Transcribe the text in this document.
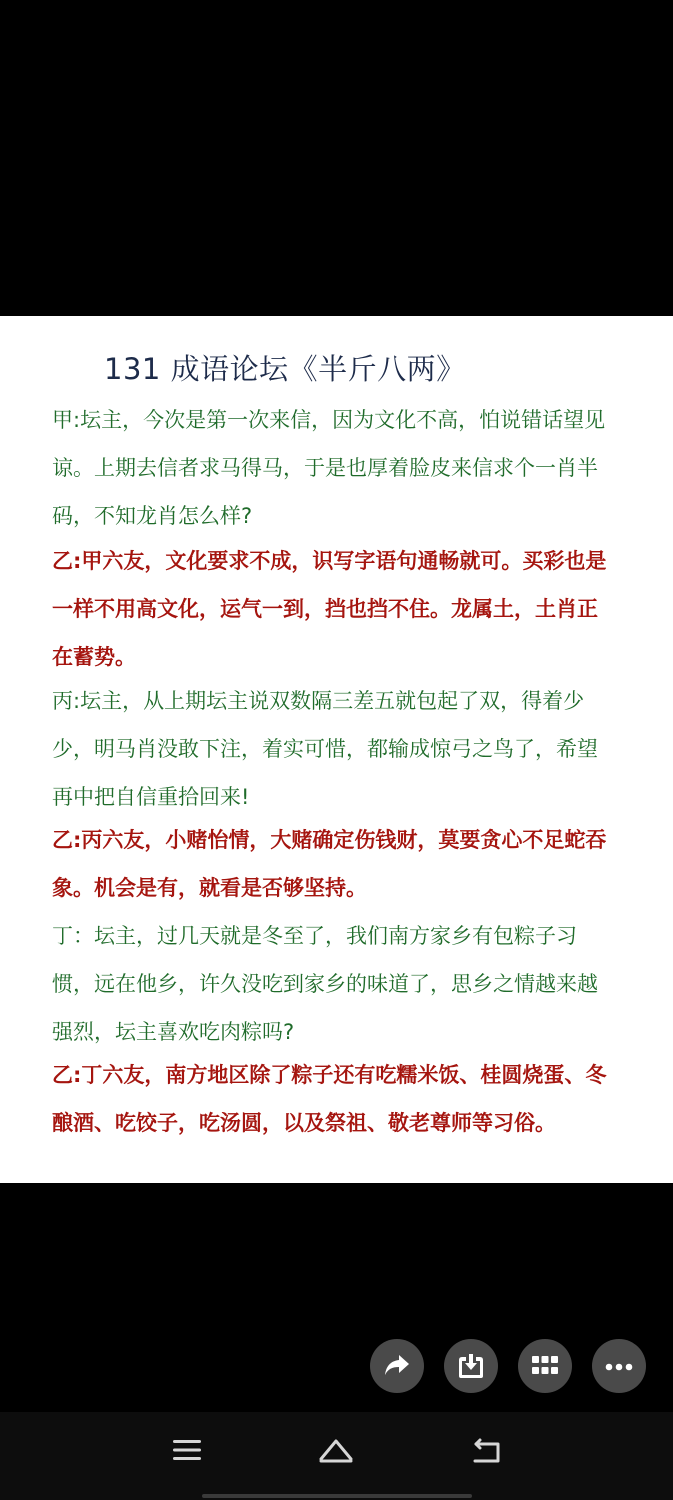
131 成语论坛《半斤八两》

甲:坛主，今次是第一次来信，因为文化不高，怕说错话望见
谅。上期去信者求马得马，于是也厚着脸皮来信求个一肖半
码，不知龙肖怎么样?

乙:甲六友，文化要求不成，识写字语句通畅就可。买彩也是
一样不用高文化，运气一到，挡也挡不住。龙属土，土肖正
在蓄势。

丙:坛主，从上期坛主说双数隔三差五就包起了双，得着少
少，明马肖没敢下注，着实可惜，都输成惊弓之鸟了，希望
再中把自信重拾回来!

乙:丙六友，小赌怡情，大赌确定伤钱财，莫要贪心不足蛇吞
象。机会是有，就看是否够坚持。

丁：坛主，过几天就是冬至了，我们南方家乡有包粽子习
惯，远在他乡，许久没吃到家乡的味道了，思乡之情越来越
强烈，坛主喜欢吃肉粽吗?

乙:丁六友，南方地区除了粽子还有吃糯米饭、桂圆烧蛋、冬
酿酒、吃饺子，吃汤圆，以及祭祖、敬老尊师等习俗。
